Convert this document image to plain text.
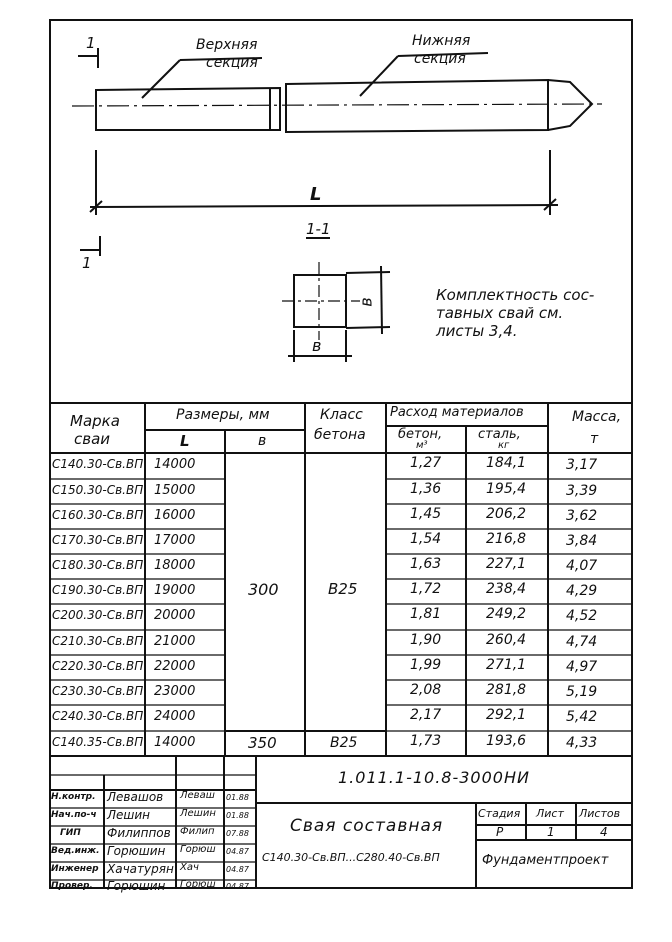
Верхняя
секция
Нижняя
секция
1
1
L
1-1
в
в
Комплектность сос-
тавных свай см.
листы 3,4.
Марка
сваи
Размеры, мм
L	в
Класс
бетона
Расход материалов
бетон,
м³
сталь,
кг
Масса,
т
С140.30-Св.ВП 14000	1,27	184,1	3,17
С150.30-Св.ВП 15000	1,36	195,4	3,39
С160.30-Св.ВП 16000	1,45	206,2	3,62
С170.30-Св.ВП 17000	1,54	216,8	3,84
С180.30-Св.ВП 18000	1,63	227,1	4,07
С190.30-Св.ВП 19000	1,72	238,4	4,29
С200.30-Св.ВП 20000	1,81	249,2	4,52
С210.30-Св.ВП 21000	1,90	260,4	4,74
С220.30-Св.ВП 22000	1,99	271,1	4,97
С230.30-Св.ВП 23000	2,08	281,8	5,19
С240.30-Св.ВП 24000	2,17	292,1	5,42
С140.35-Св.ВП 14000	1,73	193,6	4,33
300	В25
350	В25
1.011.1-10.8-3000НИ
Н.контр. Левашов Леваш 01.88
Нач.по-ч Лешин	Лешин 01.88
ГИП Филиппов Филип 07.88
Вед.инж. Горюшин Горюш 04.87
Инженер Хачатурян Хач	04.87
Провер. Горюшин Горюш 04.87
Свая составная
С140.30-Св.ВП...С280.40-Св.ВП
Стадия Лист Листов
Р	1	4
Фундаментпроект
